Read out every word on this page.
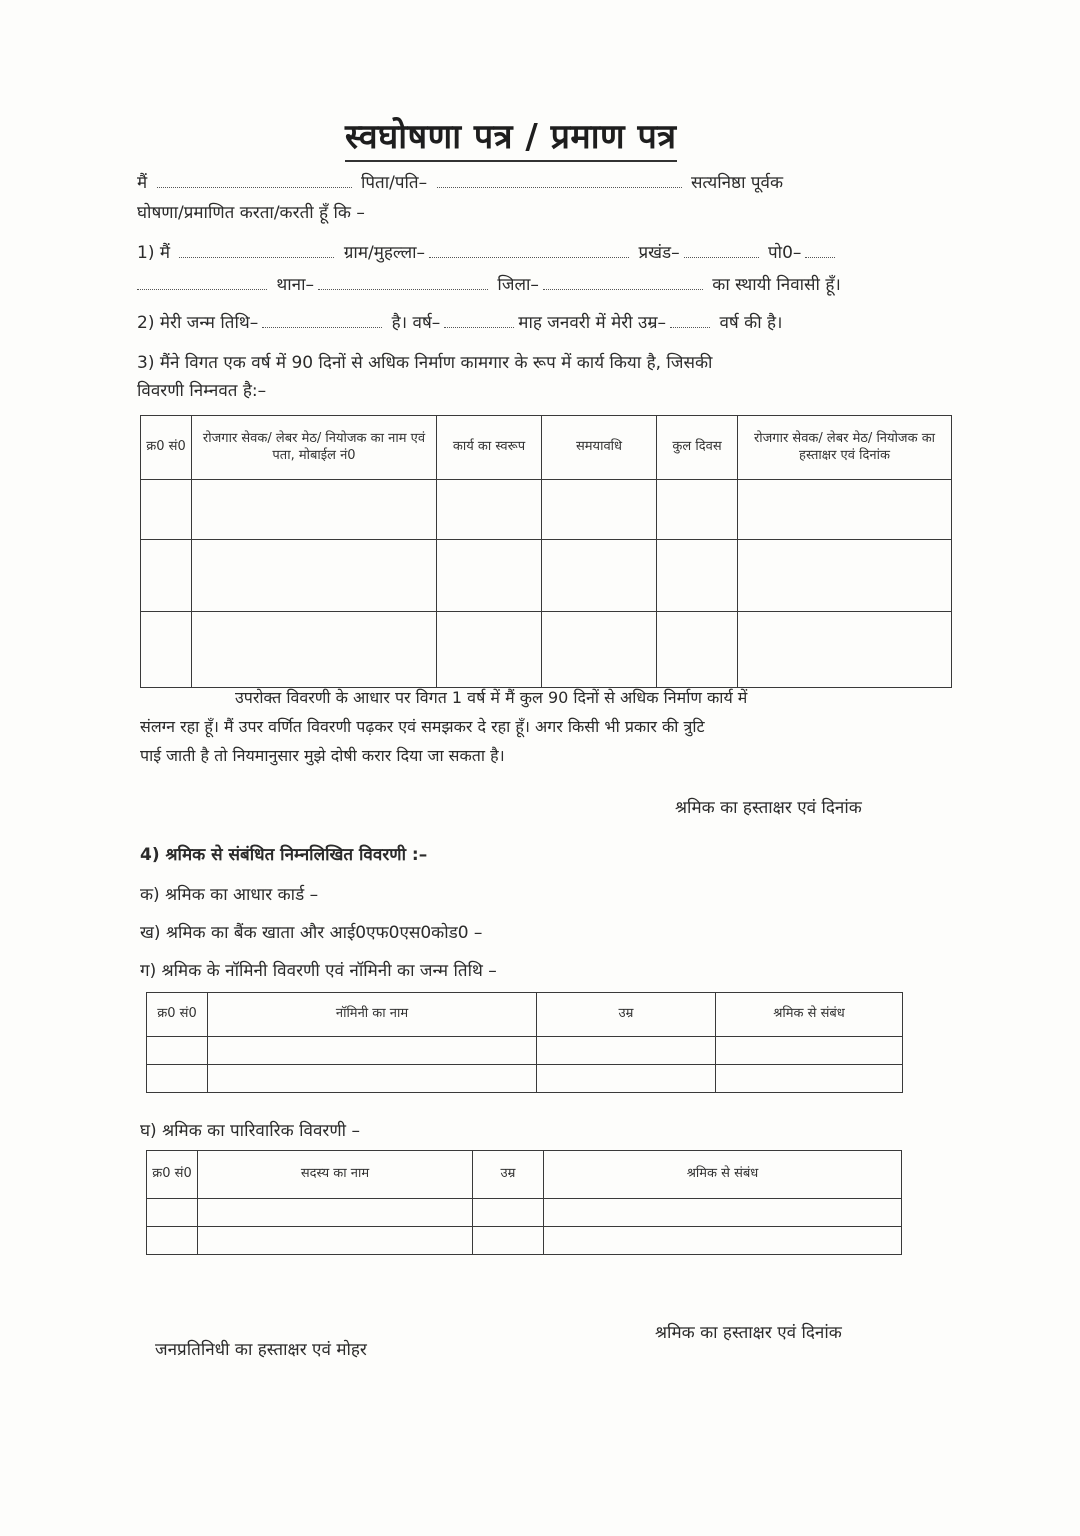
स्वघोषणा पत्र / प्रमाण पत्र
मैं	पिता/पति–	सत्यनिष्ठा पूर्वक
घोषणा/प्रमाणित करता/करती हूँ कि –
1) मैं	ग्राम/मुहल्ला–	प्रखंड–	पो0–
थाना–	जिला–	का स्थायी निवासी हूँ।
2) मेरी जन्म तिथि–	है। वर्ष–	माह जनवरी में मेरी उम्र–	वर्ष की है।
3) मैंने विगत एक वर्ष में 90 दिनों से अधिक निर्माण कामगार के रूप में कार्य किया है, जिसकी
विवरणी निम्नवत है:–
क्र0 सं0	रोजगार सेवक/ लेबर मेठ/ नियोजक का नाम एवं पता, मोबाईल नं0	कार्य का स्वरूप	समयावधि	कुल दिवस	रोजगार सेवक/ लेबर मेठ/ नियोजक का हस्ताक्षर एवं दिनांक

उपरोक्त विवरणी के आधार पर विगत 1 वर्ष में मैं कुल 90 दिनों से अधिक निर्माण कार्य में
संलग्न रहा हूँ। मैं उपर वर्णित विवरणी पढ़कर एवं समझकर दे रहा हूँ। अगर किसी भी प्रकार की त्रुटि
पाई जाती है तो नियमानुसार मुझे दोषी करार दिया जा सकता है।
श्रमिक का हस्ताक्षर एवं दिनांक
4) श्रमिक से संबंधित निम्नलिखित विवरणी :–
क) श्रमिक का आधार कार्ड –
ख) श्रमिक का बैंक खाता और आई0एफ0एस0कोड0 –
ग) श्रमिक के नॉमिनी विवरणी एवं नॉमिनी का जन्म तिथि –
क्र0 सं0	नॉमिनी का नाम	उम्र	श्रमिक से संबंध

घ) श्रमिक का पारिवारिक विवरणी –
क्र0 सं0	सदस्य का नाम	उम्र	श्रमिक से संबंध

जनप्रतिनिधी का हस्ताक्षर एवं मोहर
श्रमिक का हस्ताक्षर एवं दिनांक
